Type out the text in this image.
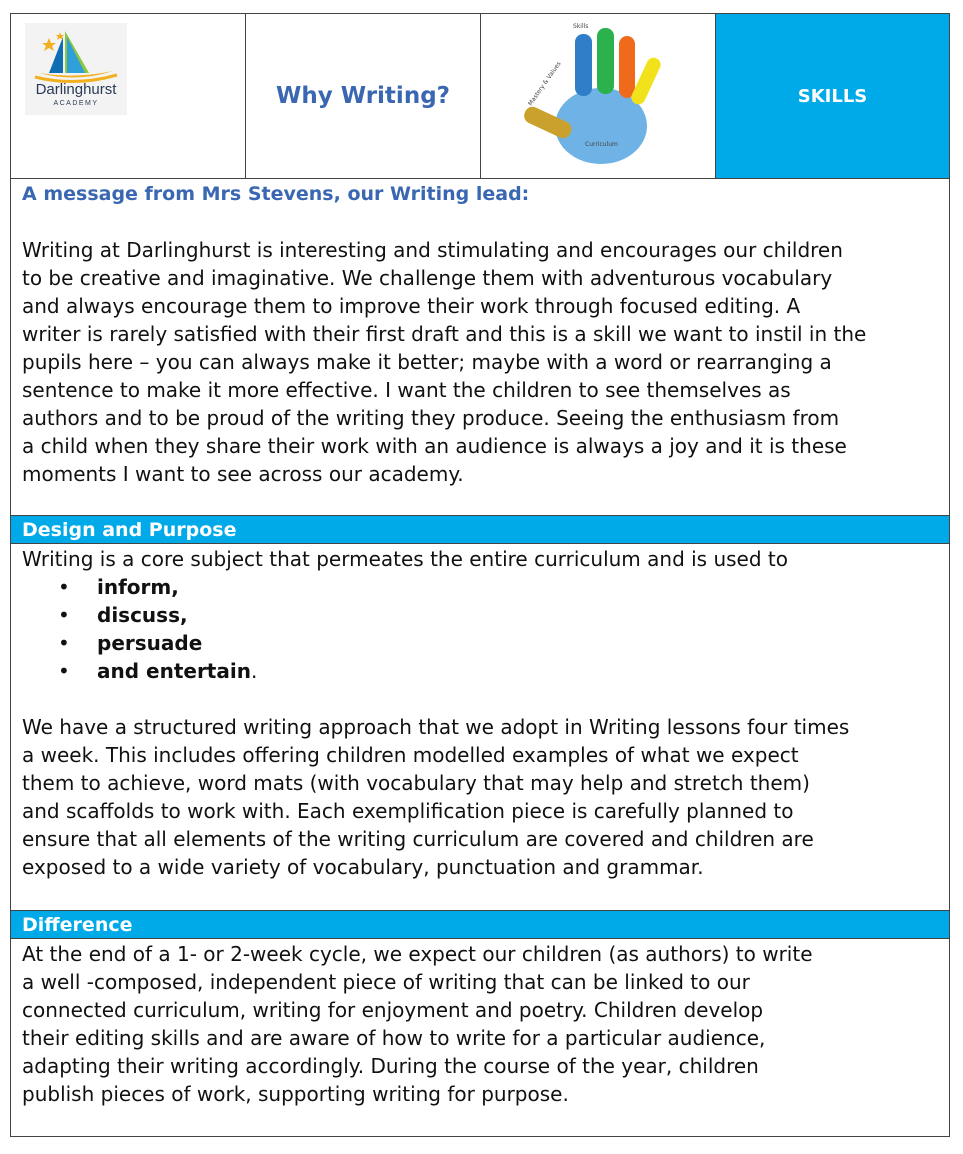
Darlinghurst
ACADEMY	Why Writing?
Skills
Mastery & Values
Curriculum
SKILLS
A message from Mrs Stevens, our Writing lead:
Writing at Darlinghurst is interesting and stimulating and encourages our children
to be creative and imaginative. We challenge them with adventurous vocabulary
and always encourage them to improve their work through focused editing. A
writer is rarely satisfied with their first draft and this is a skill we want to instil in the
pupils here – you can always make it better; maybe with a word or rearranging a
sentence to make it more effective. I want the children to see themselves as
authors and to be proud of the writing they produce. Seeing the enthusiasm from
a child when they share their work with an audience is always a joy and it is these
moments I want to see across our academy.
Design and Purpose
Writing is a core subject that permeates the entire curriculum and is used to
• inform,
• discuss,
• persuade
• and entertain.
We have a structured writing approach that we adopt in Writing lessons four times
a week. This includes offering children modelled examples of what we expect
them to achieve, word mats (with vocabulary that may help and stretch them)
and scaffolds to work with. Each exemplification piece is carefully planned to
ensure that all elements of the writing curriculum are covered and children are
exposed to a wide variety of vocabulary, punctuation and grammar.
Difference
At the end of a 1- or 2-week cycle, we expect our children (as authors) to write
a well -composed, independent piece of writing that can be linked to our
connected curriculum, writing for enjoyment and poetry. Children develop
their editing skills and are aware of how to write for a particular audience,
adapting their writing accordingly. During the course of the year, children
publish pieces of work, supporting writing for purpose.
